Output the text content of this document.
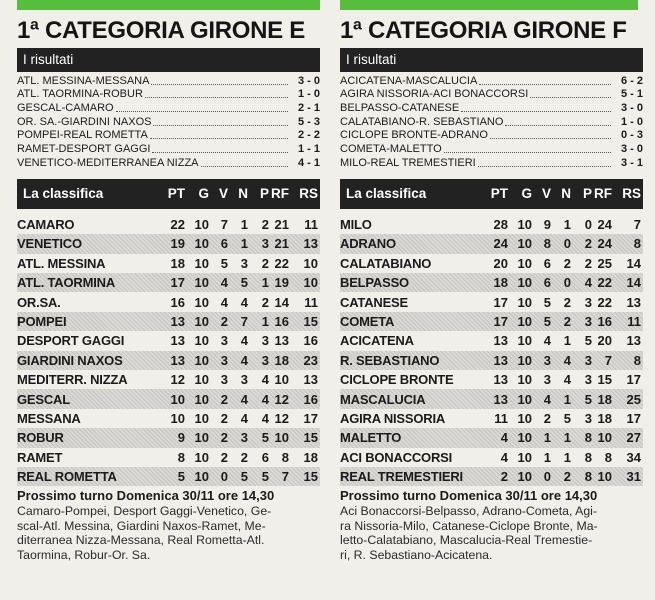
1ª CATEGORIA GIRONE E
I risultati
ATL. MESSINA-MESSANA	3 - 0
ATL. TAORMINA-ROBUR	1 - 0
GESCAL-CAMARO	2 - 1
OR. SA.-GIARDINI NAXOS	5 - 3
POMPEI-REAL ROMETTA	2 - 2
RAMET-DESPORT GAGGI	1 - 1
VENETICO-MEDITERRANEA NIZZA	4 - 1
La classifica	PT G V N P RF RS
CAMARO	22 10 7 1	2 21	11
VENETICO	19 10 6 1	3 21	13
ATL. MESSINA	18 10 5 3	2 22	10
ATL. TAORMINA	17 10 4 5	1 19	10
OR.SA.	16 10 4 4	2 14	11
POMPEI	13 10 2 7	1 16	15
DESPORT GAGGI	13 10 3 4	3 13	16
GIARDINI NAXOS	13 10 3 4	3 18	23
MEDITERR. NIZZA	12 10 3 3	4 10	13
GESCAL	10 10 2 4	4 12	16
MESSANA	10 10 2 4	4 12	17
ROBUR	9 10 2 3	5 10	15
RAMET	8 10 2 2	6 8	18
REAL ROMETTA	5 10 0 5	5 7	15
Prossimo turno Domenica 30/11 ore 14,30
Camaro-Pompei, Desport Gaggi-Venetico, Ge-
scal-Atl. Messina, Giardini Naxos-Ramet, Me-
diterranea Nizza-Messana, Real Rometta-Atl.
Taormina, Robur-Or. Sa.
1ª CATEGORIA GIRONE F
I risultati
ACICATENA-MASCALUCIA	6 - 2
AGIRA NISSORIA-ACI BONACCORSI	5 - 1
BELPASSO-CATANESE	3 - 0
CALATABIANO-R. SEBASTIANO	1 - 0
CICLOPE BRONTE-ADRANO	0 - 3
COMETA-MALETTO	3 - 0
MILO-REAL TREMESTIERI	3 - 1
La classifica	PT G V N P RF RS
MILO	28 10 9 1	0 24	7
ADRANO	24 10 8 0	2 24	8
CALATABIANO	20 10 6 2	2 25	14
BELPASSO	18 10 6 0	4 22	14
CATANESE	17 10 5 2	3 22	13
COMETA	17 10 5 2	3 16	11
ACICATENA	13 10 4 1	5 20	13
R. SEBASTIANO	13 10 3 4	3 7	8
CICLOPE BRONTE	13 10 3 4	3 15	17
MASCALUCIA	13 10 4 1	5 18	25
AGIRA NISSORIA	11 10 2 5	3 18	17
MALETTO	4 10 1 1	8 10	27
ACI BONACCORSI	4 10 1 1	8 8	34
REAL TREMESTIERI	2 10 0 2	8 10	31
Prossimo turno Domenica 30/11 ore 14,30
Aci Bonaccorsi-Belpasso, Adrano-Cometa, Agi-
ra Nissoria-Milo, Catanese-Ciclope Bronte, Ma-
letto-Calatabiano, Mascalucia-Real Tremestie-
ri, R. Sebastiano-Acicatena.
